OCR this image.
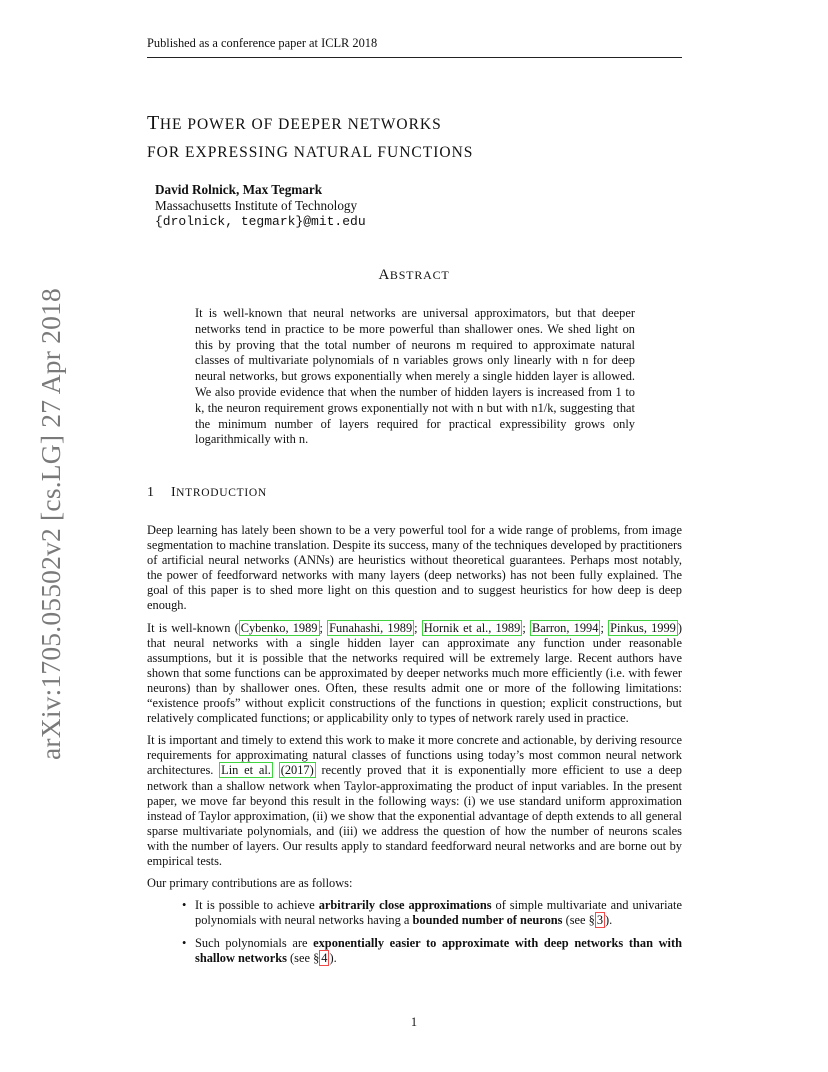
Published as a conference paper at ICLR 2018
arXiv:1705.05502v2 [cs.LG] 27 Apr 2018
THE POWER OF DEEPER NETWORKS
FOR EXPRESSING NATURAL FUNCTIONS
David Rolnick, Max Tegmark
Massachusetts Institute of Technology
{drolnick, tegmark}@mit.edu
ABSTRACT

It is well-known that neural networks are universal approximators, but that deeper networks tend in practice to be more powerful than shallower ones. We shed light on this by proving that the total number of neurons m required to approximate natural classes of multivariate polynomials of n variables grows only linearly with n for deep neural networks, but grows exponentially when merely a single hidden layer is allowed. We also provide evidence that when the number of hidden layers is increased from 1 to k, the neuron requirement grows exponentially not with n but with n1/k, suggesting that the minimum number of layers required for practical expressibility grows only logarithmically with n.

1 INTRODUCTION

Deep learning has lately been shown to be a very powerful tool for a wide range of problems, from image segmentation to machine translation. Despite its success, many of the techniques developed by practitioners of artificial neural networks (ANNs) are heuristics without theoretical guarantees. Perhaps most notably, the power of feedforward networks with many layers (deep networks) has not been fully explained. The goal of this paper is to shed more light on this question and to suggest heuristics for how deep is deep enough.

It is well-known ( Cybenko, 1989 ; Funahashi, 1989 ; Hornik et al., 1989 ; Barron, 1994 ; Pinkus, 1999 ) that neural networks with a single hidden layer can approximate any function under reasonable assumptions, but it is possible that the networks required will be extremely large. Recent authors have shown that some functions can be approximated by deeper networks much more efficiently (i.e. with fewer neurons) than by shallower ones. Often, these results admit one or more of the following limitations: “existence proofs” without explicit constructions of the functions in question; explicit constructions, but relatively complicated functions; or applicability only to types of network rarely used in practice.

It is important and timely to extend this work to make it more concrete and actionable, by deriving resource requirements for approximating natural classes of functions using today’s most common neural network architectures. Lin et al. (2017) recently proved that it is exponentially more efficient to use a deep network than a shallow network when Taylor-approximating the product of input variables. In the present paper, we move far beyond this result in the following ways: (i) we use standard uniform approximation instead of Taylor approximation, (ii) we show that the exponential advantage of depth extends to all general sparse multivariate polynomials, and (iii) we address the question of how the number of neurons scales with the number of layers. Our results apply to standard feedforward neural networks and are borne out by empirical tests.

Our primary contributions are as follows:

• It is possible to achieve arbitrarily close approximations of simple multivariate and univariate polynomials with neural networks having a bounded number of neurons (see § 3 ).
• Such polynomials are exponentially easier to approximate with deep networks than with shallow networks (see § 4 ).
1
